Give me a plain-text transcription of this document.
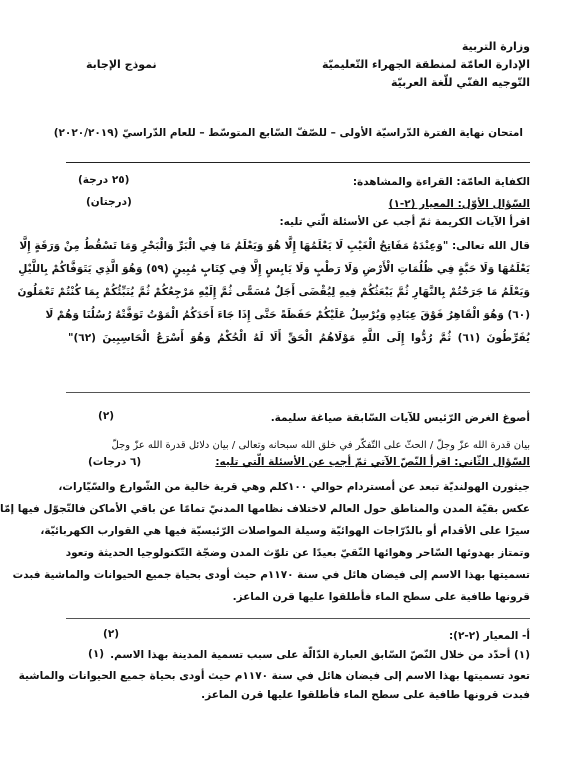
وزارة التربية
الإدارة العامّة لمنطقة الجهراء التّعليميّة
التّوجيه الفنّي للّغة العربيّة
نموذج الإجابة
امتحان نهاية الفترة الدّراسيّة الأولى – للصّفّ السّابع المتوسّط – للعام الدّراسيّ (٢٠٢٠/٢٠١٩)
الكفاية العامّة: القراءة والمشاهدة:
(٢٥ درجة)
السّؤال الأوّل: المعيار (٢-١)
(درجتان)
اقرأ الآيات الكريمة ثمّ أجب عن الأسئلة الّتي تليه:
قال الله تعالى: "وَعِنْدَهُ مَفَاتِحُ الْغَيْبِ لَا يَعْلَمُهَا إِلَّا هُوَ وَيَعْلَمُ مَا فِي الْبَرِّ وَالْبَحْرِ وَمَا تَسْقُطُ مِنْ وَرَقَةٍ إِلَّا
يَعْلَمُهَا وَلَا حَبَّةٍ فِي ظُلُمَاتِ الْأَرْضِ وَلَا رَطْبٍ وَلَا يَابِسٍ إِلَّا فِي كِتَابٍ مُبِينٍ (٥٩) وَهُوَ الَّذِي يَتَوَفَّاكُمْ بِاللَّيْلِ
وَيَعْلَمُ مَا جَرَحْتُمْ بِالنَّهَارِ ثُمَّ يَبْعَثُكُمْ فِيهِ لِيُقْضَى أَجَلٌ مُسَمًّى ثُمَّ إِلَيْهِ مَرْجِعُكُمْ ثُمَّ يُنَبِّئُكُمْ بِمَا كُنْتُمْ تَعْمَلُونَ
(٦٠) وَهُوَ الْقَاهِرُ فَوْقَ عِبَادِهِ وَيُرْسِلُ عَلَيْكُمْ حَفَظَةً حَتَّى إِذَا جَاءَ أَحَدَكُمُ الْمَوْتُ تَوَفَّتْهُ رُسُلُنَا وَهُمْ لَا
يُفَرِّطُونَ (٦١) ثُمَّ رُدُّوا إِلَى اللَّهِ مَوْلَاهُمُ الْحَقِّ أَلَا لَهُ الْحُكْمُ وَهُوَ أَسْرَعُ الْحَاسِبِينَ (٦٢)"
أصوغ الغرض الرّئيس للآيات السّابقة صياغة سليمة.
(٢)
بيان قدرة الله عزّ وجلّ / الحثّ على التّفكّر في خلق الله سبحانه وتعالى / بيان دلائل قدرة الله عزّ وجلّ
السّؤال الثّاني: اقرأ النّصّ الآتي ثمّ أجب عن الأسئلة الّتي تليه:
(٦ درجات)
جيثورن الهولنديّة تبعد عن أمستردام حوالي ١٠٠كلم وهي قرية خالية من الشّوارع والسّيّارات،
عكس بقيّة المدن والمناطق حول العالم لاختلاف نظامها المدنيّ تمامًا عن باقي الأماكن فالتّجوّل فيها إمّا
سيرًا على الأقدام أو بالدّرّاجات الهوائيّة وسيلة المواصلات الرّئيسيّة فيها هي القوارب الكهربائيّة،
وتمتاز بهدوئها السّاحر وهوائها النّقيّ بعيدًا عن تلوّث المدن وضجّة التّكنولوجيا الحديثة وتعود
تسميتها بهذا الاسم إلى فيضان هائل في سنة ١١٧٠م حيث أودى بحياة جميع الحيوانات والماشية فبدت
قرونها طافية على سطح الماء فأطلقوا عليها قرن الماعز.
أ- المعيار (٢-٢):
(٢)
(١) أحدّد من خلال النّصّ السّابق العبارة الدّالّة على سبب تسمية المدينة بهذا الاسم.
(١)
تعود تسميتها بهذا الاسم إلى فيضان هائل في سنة ١١٧٠م حيث أودى بحياة جميع الحيوانات والماشية
فبدت قرونها طافية على سطح الماء فأطلقوا عليها قرن الماعز.
